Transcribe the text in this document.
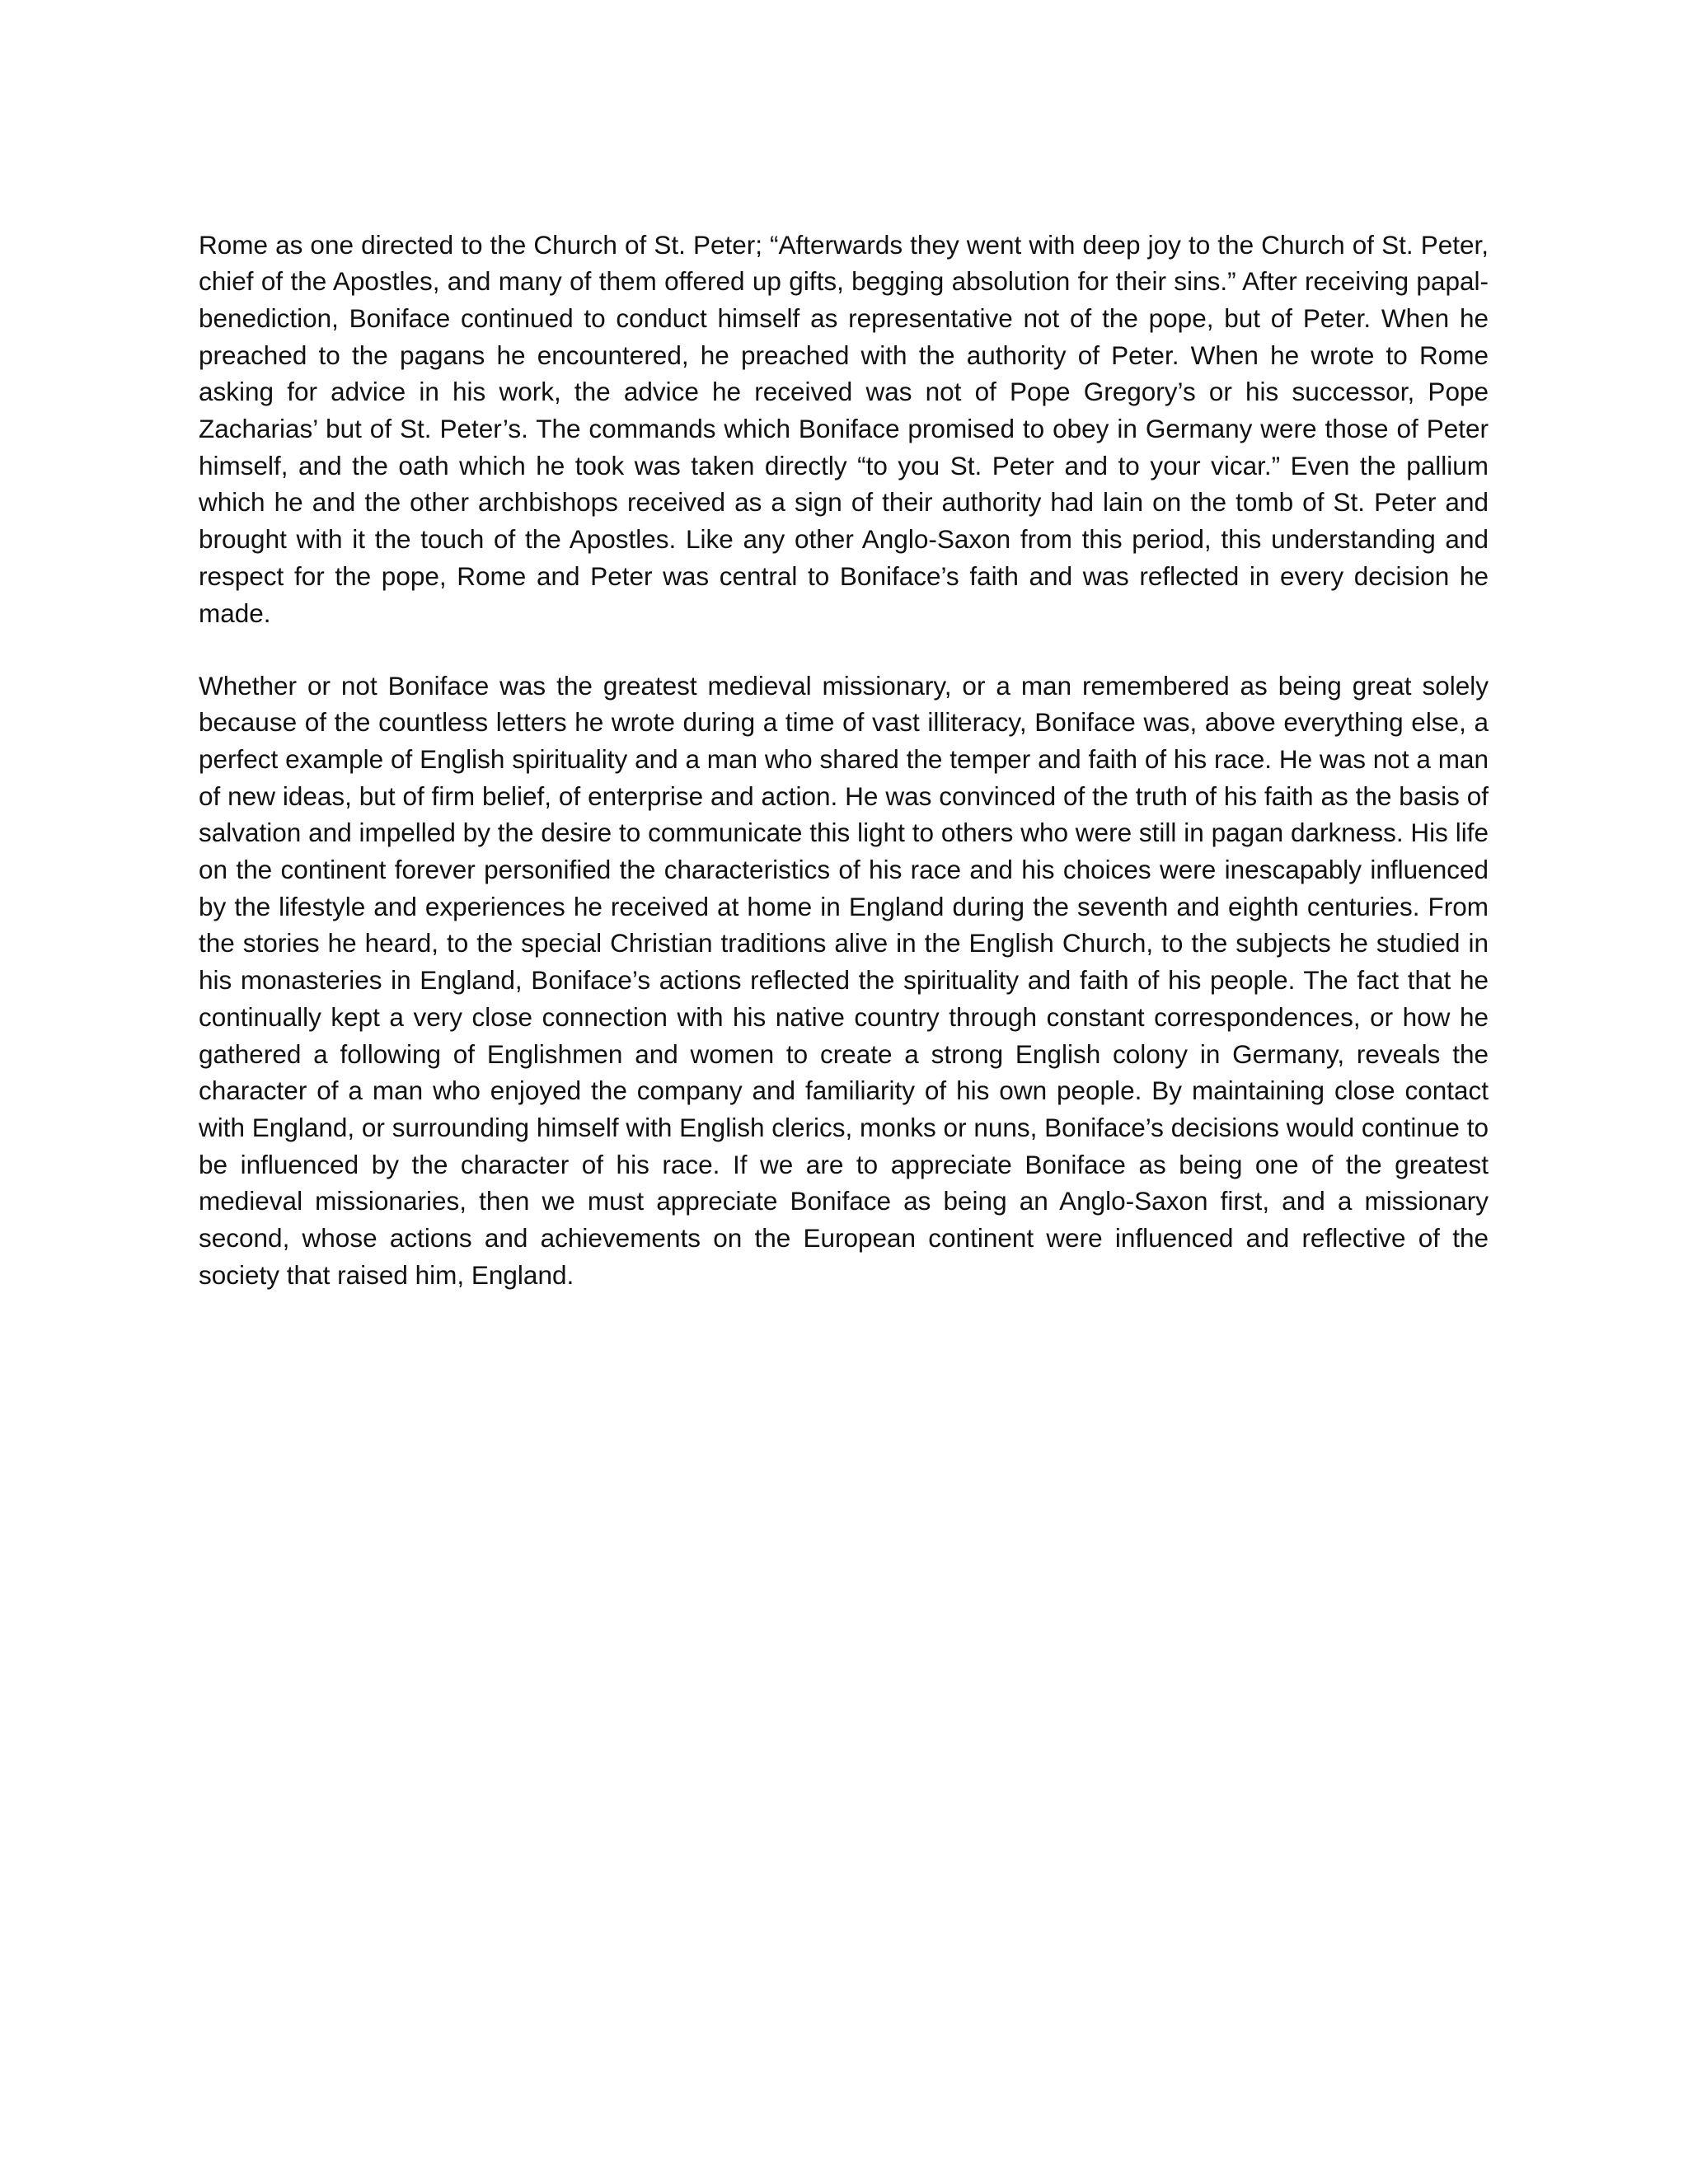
Rome as one directed to the Church of St. Peter; “Afterwards they went with deep joy to the Church of St. Peter, chief of the Apostles, and many of them offered up gifts, begging absolution for their sins.” After receiving papal-benediction, Boniface continued to conduct himself as representative not of the pope, but of Peter. When he preached to the pagans he encountered, he preached with the authority of Peter. When he wrote to Rome asking for advice in his work, the advice he received was not of Pope Gregory’s or his successor, Pope Zacharias’ but of St. Peter’s. The commands which Boniface promised to obey in Germany were those of Peter himself, and the oath which he took was taken directly “to you St. Peter and to your vicar.” Even the pallium which he and the other archbishops received as a sign of their authority had lain on the tomb of St. Peter and brought with it the touch of the Apostles. Like any other Anglo-Saxon from this period, this understanding and respect for the pope, Rome and Peter was central to Boniface’s faith and was reflected in every decision he made.

Whether or not Boniface was the greatest medieval missionary, or a man remembered as being great solely because of the countless letters he wrote during a time of vast illiteracy, Boniface was, above everything else, a perfect example of English spirituality and a man who shared the temper and faith of his race. He was not a man of new ideas, but of firm belief, of enterprise and action. He was convinced of the truth of his faith as the basis of salvation and impelled by the desire to communicate this light to others who were still in pagan darkness. His life on the continent forever personified the characteristics of his race and his choices were inescapably influenced by the lifestyle and experiences he received at home in England during the seventh and eighth centuries. From the stories he heard, to the special Christian traditions alive in the English Church, to the subjects he studied in his monasteries in England, Boniface’s actions reflected the spirituality and faith of his people. The fact that he continually kept a very close connection with his native country through constant correspondences, or how he gathered a following of Englishmen and women to create a strong English colony in Germany, reveals the character of a man who enjoyed the company and familiarity of his own people. By maintaining close contact with England, or surrounding himself with English clerics, monks or nuns, Boniface’s decisions would continue to be influenced by the character of his race. If we are to appreciate Boniface as being one of the greatest medieval missionaries, then we must appreciate Boniface as being an Anglo-Saxon first, and a missionary second, whose actions and achievements on the European continent were influenced and reflective of the society that raised him, England.
